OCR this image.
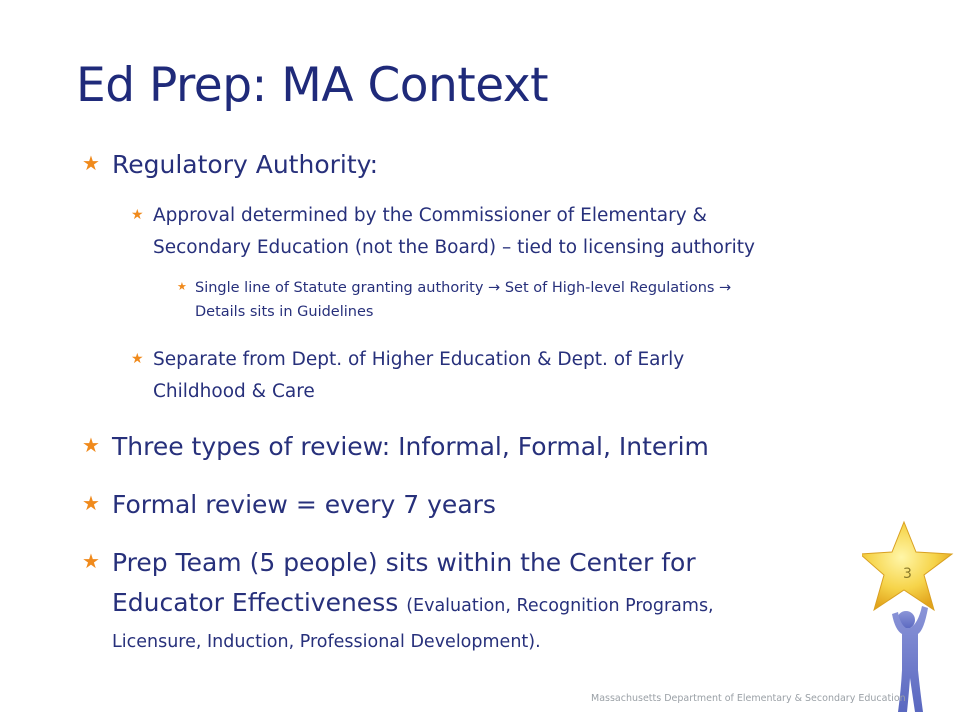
Ed Prep: MA Context
★ Regulatory Authority:
★ Approval determined by the Commissioner of Elementary &
Secondary Education (not the Board) – tied to licensing authority
★ Single line of Statute granting authority → Set of High-level Regulations →
Details sits in Guidelines
★ Separate from Dept. of Higher Education & Dept. of Early
Childhood & Care
★ Three types of review: Informal, Formal, Interim
★ Formal review = every 7 years
★ Prep Team (5 people) sits within the Center for
Educator Effectiveness (Evaluation, Recognition Programs,
Licensure, Induction, Professional Development).
3
Massachusetts Department of Elementary & Secondary Education
